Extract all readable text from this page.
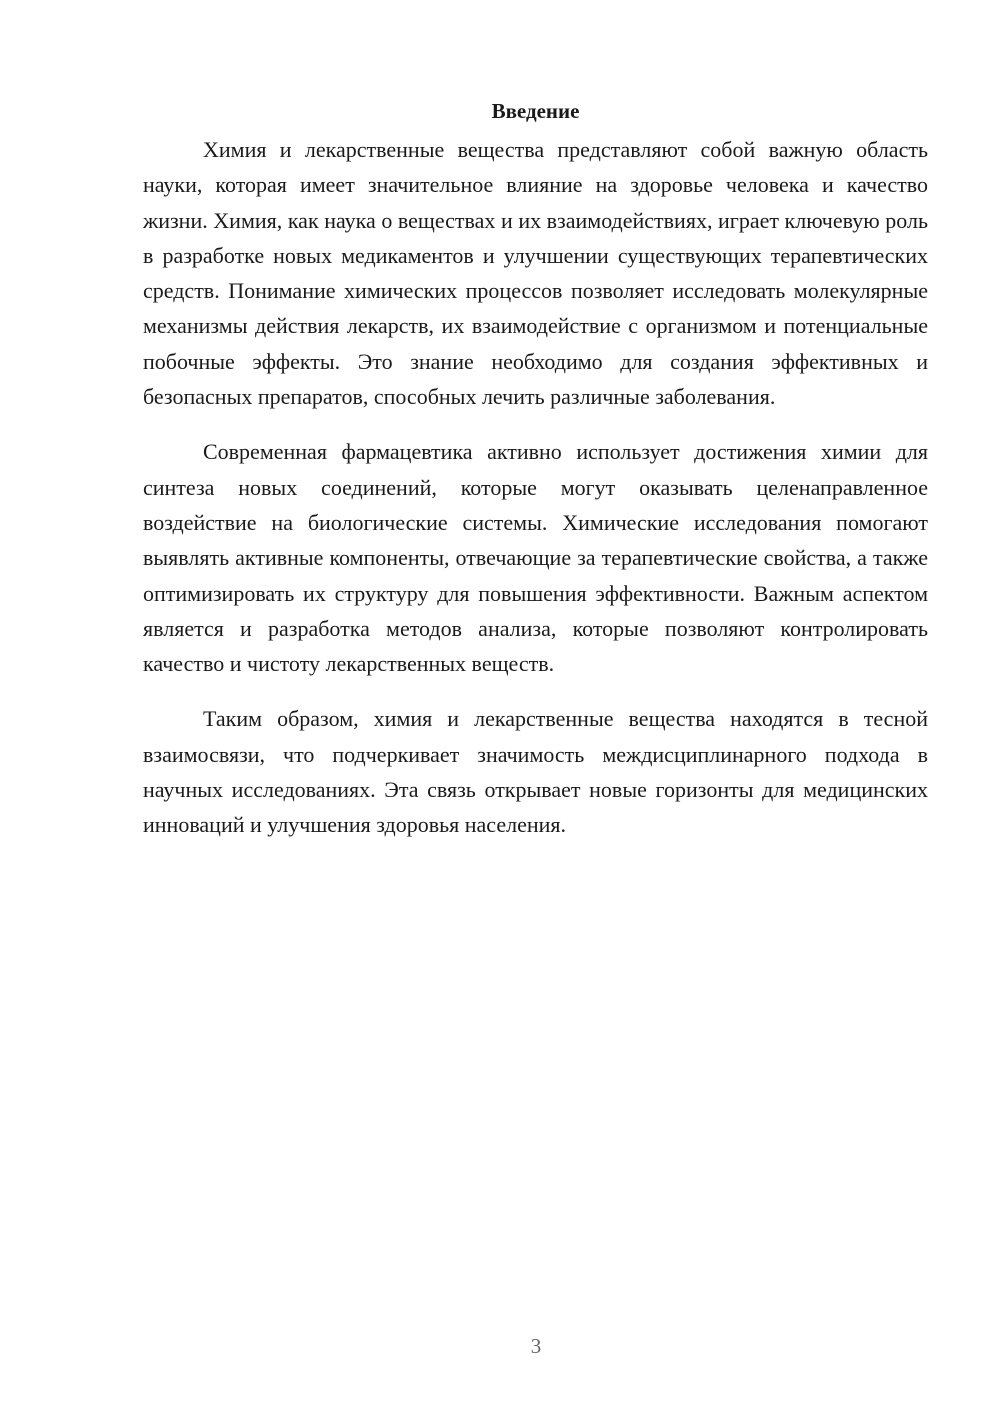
Введение

Химия и лекарственные вещества представляют собой важную область науки, которая имеет значительное влияние на здоровье человека и качество жизни. Химия, как наука о веществах и их взаимодействиях, играет ключевую роль в разработке новых медикаментов и улучшении существующих терапевтических средств. Понимание химических процессов позволяет исследовать молекулярные механизмы действия лекарств, их взаимодействие с организмом и потенциальные побочные эффекты. Это знание необходимо для создания эффективных и безопасных препаратов, способных лечить различные заболевания.

Современная фармацевтика активно использует достижения химии для синтеза новых соединений, которые могут оказывать целенаправленное воздействие на биологические системы. Химические исследования помогают выявлять активные компоненты, отвечающие за терапевтические свойства, а также оптимизировать их структуру для повышения эффективности. Важным аспектом является и разработка методов анализа, которые позволяют контролировать качество и чистоту лекарственных веществ.

Таким образом, химия и лекарственные вещества находятся в тесной взаимосвязи, что подчеркивает значимость междисциплинарного подхода в научных исследованиях. Эта связь открывает новые горизонты для медицинских инноваций и улучшения здоровья населения.

3
